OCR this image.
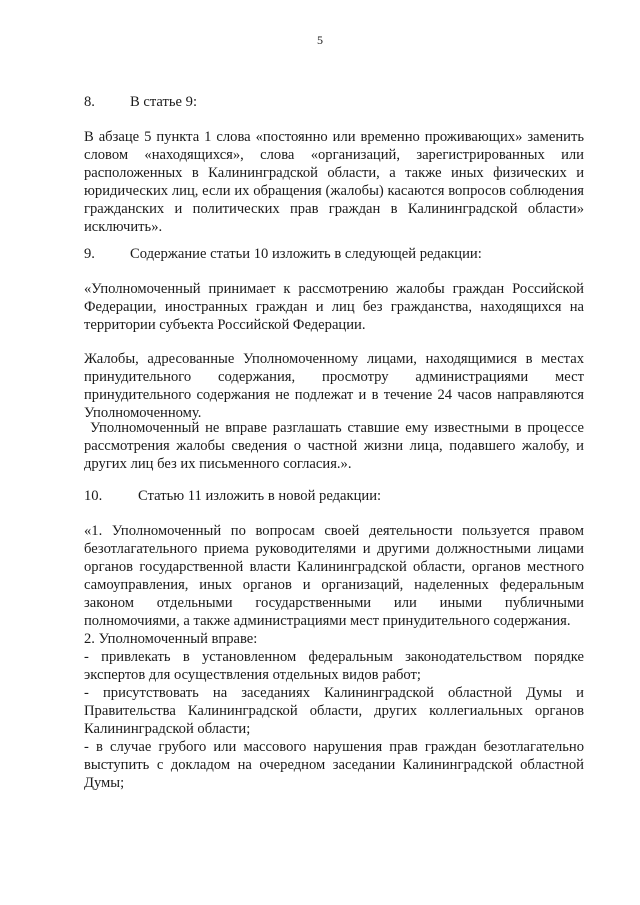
5
8. В статье 9:

В абзаце 5 пункта 1 слова «постоянно или временно проживающих» заменить словом «находящихся», слова «организаций, зарегистрированных или расположенных в Калининградской области, а также иных физических и юридических лиц, если их обращения (жалобы) касаются вопросов соблюдения гражданских и политических прав граждан в Калининградской области» исключить».

9. Содержание статьи 10 изложить в следующей редакции:

«Уполномоченный принимает к рассмотрению жалобы граждан Российской Федерации, иностранных граждан и лиц без гражданства, находящихся на территории субъекта Российской Федерации.

Жалобы, адресованные Уполномоченному лицами, находящимися в местах принудительного содержания, просмотру администрациями мест принудительного содержания не подлежат и в течение 24 часов направляются Уполномоченному.

Уполномоченный не вправе разглашать ставшие ему известными в процессе рассмотрения жалобы сведения о частной жизни лица, подавшего жалобу, и других лиц без их письменного согласия.».

10. Статью 11 изложить в новой редакции:

«1. Уполномоченный по вопросам своей деятельности пользуется правом безотлагательного приема руководителями и другими должностными лицами органов государственной власти Калининградской области, органов местного самоуправления, иных органов и организаций, наделенных федеральным законом отдельными государственными или иными публичными полномочиями, а также администрациями мест принудительного содержания.

2. Уполномоченный вправе:

- привлекать в установленном федеральным законодательством порядке экспертов для осуществления отдельных видов работ;

- присутствовать на заседаниях Калининградской областной Думы и Правительства Калининградской области, других коллегиальных органов Калининградской области;

- в случае грубого или массового нарушения прав граждан безотлагательно выступить с докладом на очередном заседании Калининградской областной Думы;
